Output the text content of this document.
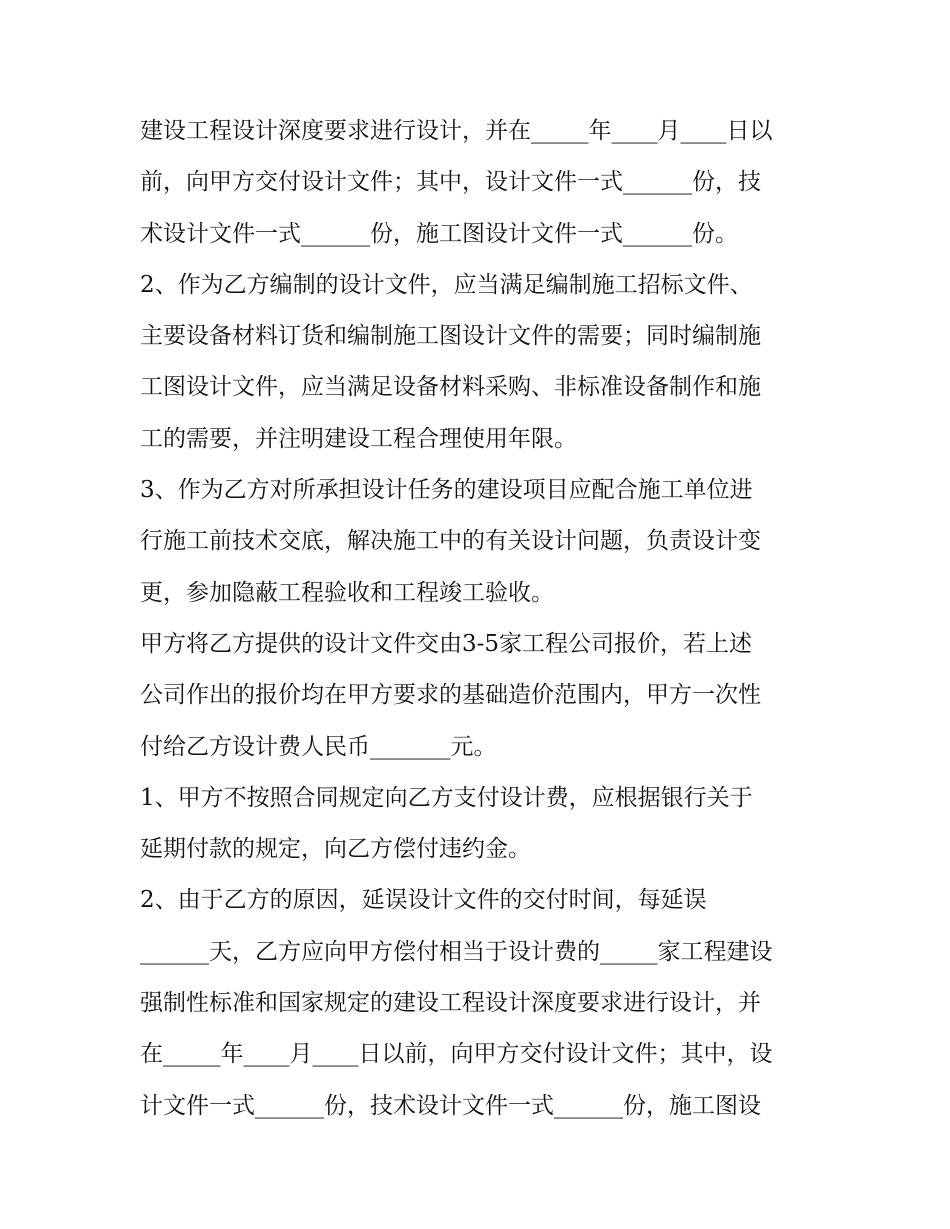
建设工程设计深度要求进行设计，并在_____年____月____日以
前，向甲方交付设计文件；其中，设计文件一式______份，技
术设计文件一式______份，施工图设计文件一式______份。
2、作为乙方编制的设计文件，应当满足编制施工招标文件、
主要设备材料订货和编制施工图设计文件的需要；同时编制施
工图设计文件，应当满足设备材料采购、非标准设备制作和施
工的需要，并注明建设工程合理使用年限。
3、作为乙方对所承担设计任务的建设项目应配合施工单位进
行施工前技术交底，解决施工中的有关设计问题，负责设计变
更，参加隐蔽工程验收和工程竣工验收。
甲方将乙方提供的设计文件交由3-5家工程公司报价，若上述
公司作出的报价均在甲方要求的基础造价范围内，甲方一次性
付给乙方设计费人民币_______元。
1、甲方不按照合同规定向乙方支付设计费，应根据银行关于
延期付款的规定，向乙方偿付违约金。
2、由于乙方的原因，延误设计文件的交付时间，每延误
______天，乙方应向甲方偿付相当于设计费的_____家工程建设
强制性标准和国家规定的建设工程设计深度要求进行设计，并
在_____年____月____日以前，向甲方交付设计文件；其中，设
计文件一式______份，技术设计文件一式______份，施工图设
